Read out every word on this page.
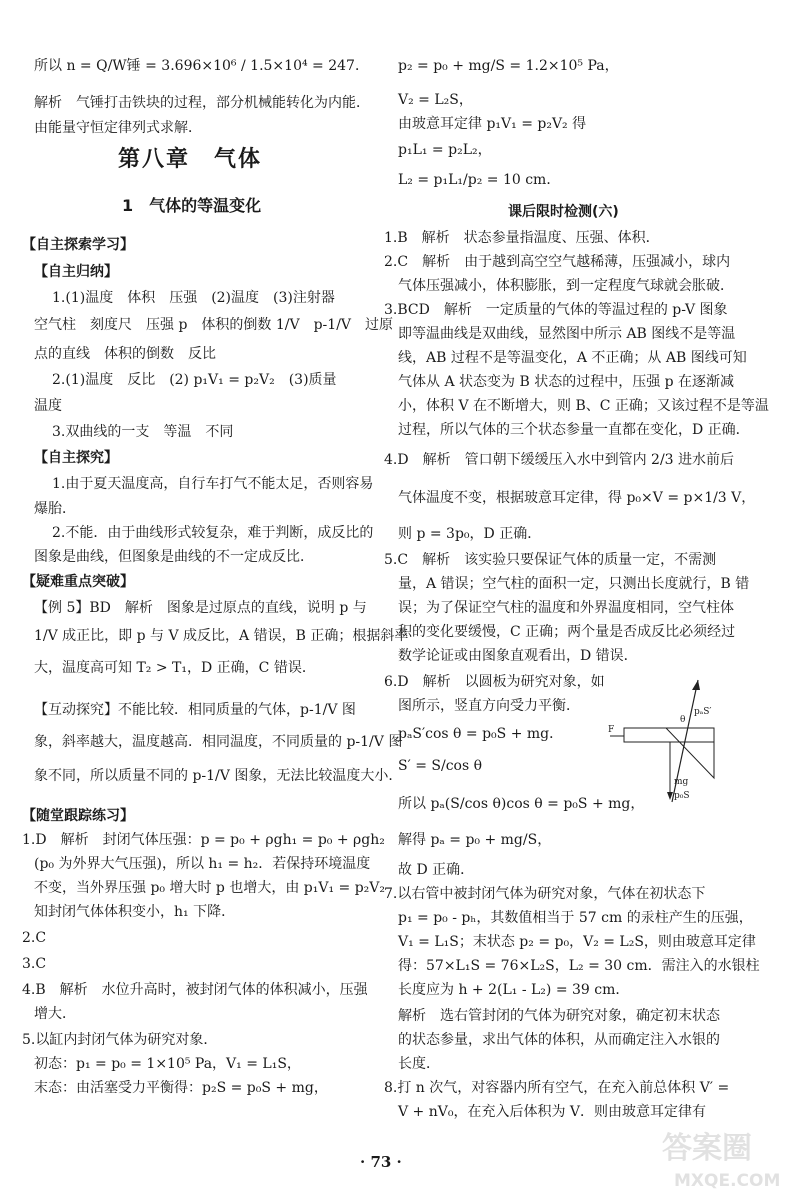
pₐS′
θ
F
mg
p₀S
· 73 ·	答案圈
MXQE.COM
所以 n = Q/W锤 = 3.696×10⁶ / 1.5×10⁴ = 247．
解析　气锤打击铁块的过程，部分机械能转化为内能．
由能量守恒定律列式求解．
第八章　气体
1　气体的等温变化
【自主探索学习】
【自主归纳】
1.(1)温度　体积　压强　(2)温度　(3)注射器
空气柱　刻度尺　压强 p　体积的倒数 1/V　p-1/V　过原
点的直线　体积的倒数　反比
2.(1)温度　反比　(2) p₁V₁ = p₂V₂　(3)质量
温度
3.双曲线的一支　等温　不同
【自主探究】
1.由于夏天温度高，自行车打气不能太足，否则容易
爆胎．
2.不能．由于曲线形式较复杂，难于判断，成反比的
图象是曲线，但图象是曲线的不一定成反比．
【疑难重点突破】
【例 5】BD　解析　图象是过原点的直线，说明 p 与
1/V 成正比，即 p 与 V 成反比，A 错误，B 正确；根据斜率
大，温度高可知 T₂ > T₁，D 正确，C 错误．
【互动探究】不能比较．相同质量的气体，p-1/V 图
象，斜率越大，温度越高．相同温度，不同质量的 p-1/V 图
象不同，所以质量不同的 p-1/V 图象，无法比较温度大小．
【随堂跟踪练习】
1.D　解析　封闭气体压强：p = p₀ + ρgh₁ = p₀ + ρgh₂
(p₀ 为外界大气压强)，所以 h₁ = h₂．若保持环境温度
不变，当外界压强 p₀ 增大时 p 也增大，由 p₁V₁ = p₂V₂
知封闭气体体积变小，h₁ 下降．
2.C
3.C
4.B　解析　水位升高时，被封闭气体的体积减小，压强
增大．
5.以缸内封闭气体为研究对象．
初态：p₁ = p₀ = 1×10⁵ Pa，V₁ = L₁S，
末态：由活塞受力平衡得：p₂S = p₀S + mg，
p₂ = p₀ + mg/S = 1.2×10⁵ Pa，
V₂ = L₂S，
由玻意耳定律 p₁V₁ = p₂V₂ 得
p₁L₁ = p₂L₂，
L₂ = p₁L₁/p₂ = 10 cm．
课后限时检测(六)
1.B　解析　状态参量指温度、压强、体积．
2.C　解析　由于越到高空空气越稀薄，压强减小，球内
气体压强减小，体积膨胀，到一定程度气球就会胀破．
3.BCD　解析　一定质量的气体的等温过程的 p-V 图象
即等温曲线是双曲线，显然图中所示 AB 图线不是等温
线，AB 过程不是等温变化，A 不正确；从 AB 图线可知
气体从 A 状态变为 B 状态的过程中，压强 p 在逐渐减
小，体积 V 在不断增大，则 B、C 正确；又该过程不是等温
过程，所以气体的三个状态参量一直都在变化，D 正确．
4.D　解析　管口朝下缓缓压入水中到管内 2/3 进水前后
气体温度不变，根据玻意耳定律，得 p₀×V = p×1/3 V，
则 p = 3p₀，D 正确．
5.C　解析　该实验只要保证气体的质量一定，不需测
量，A 错误；空气柱的面积一定，只测出长度就行，B 错
误；为了保证空气柱的温度和外界温度相同，空气柱体
积的变化要缓慢，C 正确；两个量是否成反比必须经过
数学论证或由图象直观看出，D 错误．
6.D　解析　以圆板为研究对象，如
图所示，竖直方向受力平衡．
pₐS′cos θ = p₀S + mg．
S′ = S/cos θ
所以 pₐ(S/cos θ)cos θ = p₀S + mg，
解得 pₐ = p₀ + mg/S，
故 D 正确．
7.以右管中被封闭气体为研究对象，气体在初状态下
p₁ = p₀ - pₕ，其数值相当于 57 cm 的汞柱产生的压强，
V₁ = L₁S；末状态 p₂ = p₀，V₂ = L₂S，则由玻意耳定律
得：57×L₁S = 76×L₂S，L₂ = 30 cm．需注入的水银柱
长度应为 h + 2(L₁ - L₂) = 39 cm．
解析　选右管封闭的气体为研究对象，确定初末状态
的状态参量，求出气体的体积，从而确定注入水银的
长度．
8.打 n 次气，对容器内所有空气，在充入前总体积 V′ =
V + nV₀，在充入后体积为 V．则由玻意耳定律有
